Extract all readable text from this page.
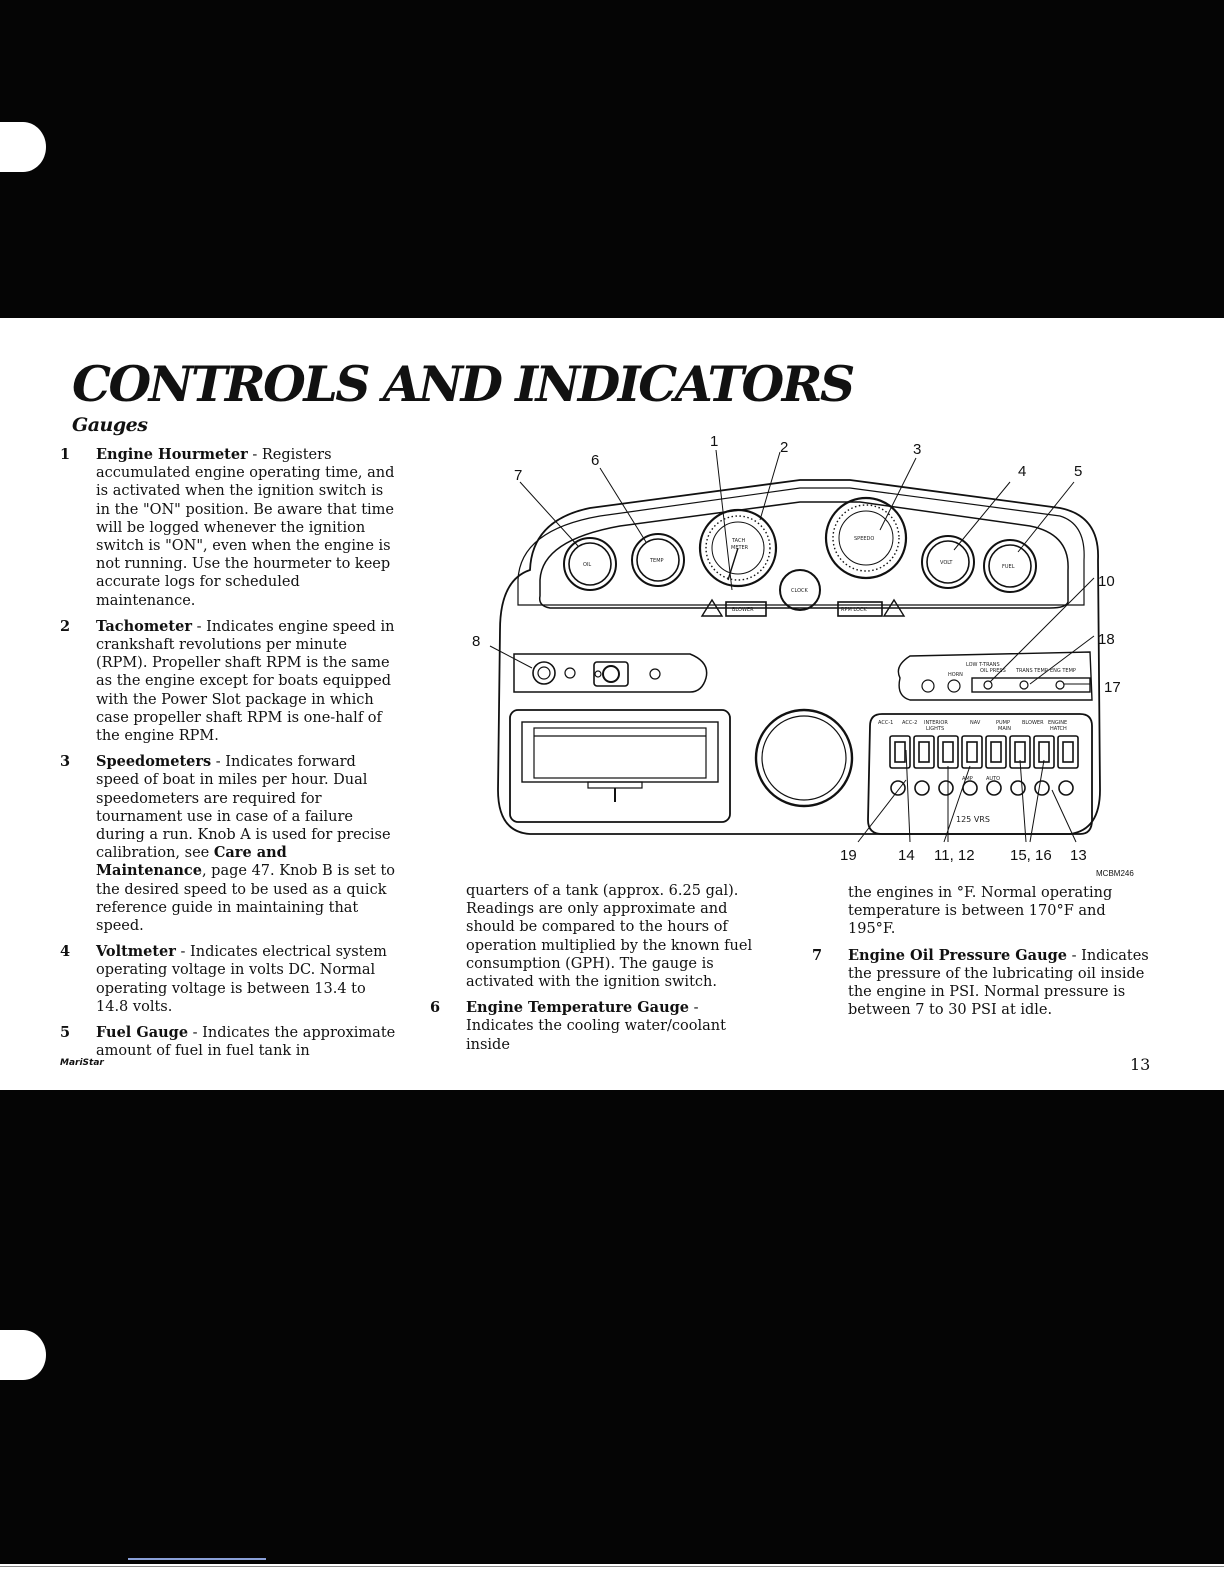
CONTROLS AND INDICATORS
Gauges
1	Engine Hourmeter - Registers accumulated engine operating time, and is activated when the ignition switch is in the "ON" position. Be aware that time will be logged whenever the ignition switch is "ON", even when the engine is not running. Use the hourmeter to keep accurate logs for scheduled maintenance.
2	Tachometer - Indicates engine speed in crankshaft revolutions per minute (RPM). Propeller shaft RPM is the same as the engine except for boats equipped with the Power Slot package in which case propeller shaft RPM is one-half of the engine RPM.
3	Speedometers - Indicates forward speed of boat in miles per hour. Dual speedometers are required for tournament use in case of a failure during a run. Knob A is used for precise calibration, see Care and Maintenance, page 47. Knob B is set to the desired speed to be used as a quick reference guide in maintaining that speed.
4	Voltmeter - Indicates electrical system operating voltage in volts DC. Normal operating voltage is between 13.4 to 14.8 volts.
5	Fuel Gauge - Indicates the approximate amount of fuel in fuel tank in

quarters of a tank (approx. 6.25 gal). Readings are only approximate and should be compared to the hours of operation multiplied by the known fuel consumption (GPH). The gauge is activated with the ignition switch.

6	Engine Temperature Gauge - Indicates the cooling water/coolant inside

the engines in °F. Normal operating temperature is between 170°F and 195°F.

7	Engine Oil Pressure Gauge - Indicates the pressure of the lubricating oil inside the engine in PSI. Normal pressure is between 7 to 30 PSI at idle.
OIL
TEMP
TACH
METER
CLOCK
SPEEDO
VOLT
FUEL
BLOWER	RPM LOCK
HORN
LOW T-TRANS
OIL PRESS TRANS TEMP ENG TEMP
ACC-1 ACC-2 INTERIOR
LIGHTS
NAV	PUMP
MAIN
BLOWER ENGINE
HATCH
AMP	AUTO
125 VRS
1	2	3
4	5
6
7
8
10
18
17
19	14 11, 12 15, 16 13
MCBM246
MariStar	13
